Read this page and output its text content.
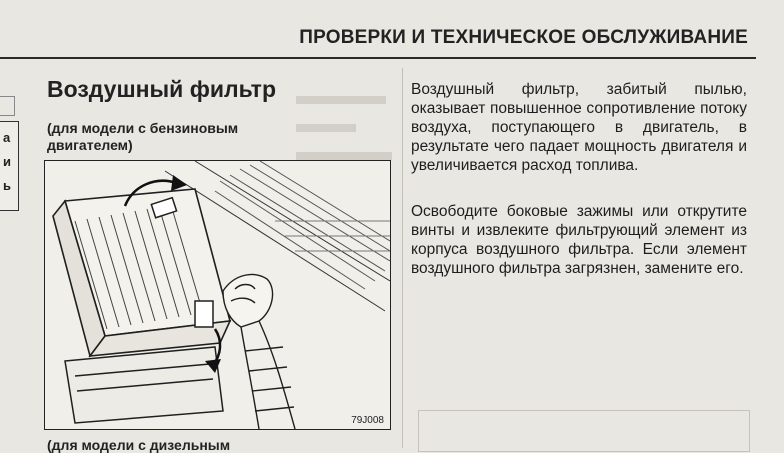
ПРОВЕРКИ И ТЕХНИЧЕСКОЕ ОБСЛУЖИВАНИЕ
а
и
ь
Воздушный фильтр
(для модели с бензиновым двигателем)
79J008
(для модели с дизельным

Воздушный фильтр, забитый пылью, оказывает повышенное сопротивление потоку воздуха, поступающего в двигатель, в результате чего падает мощность двигателя и увеличивается расход топлива.

Освободите боковые зажимы или открутите винты и извлеките фильтрующий элемент из корпуса воздушного фильтра. Если элемент воздушного фильтра загрязнен, замените его.
